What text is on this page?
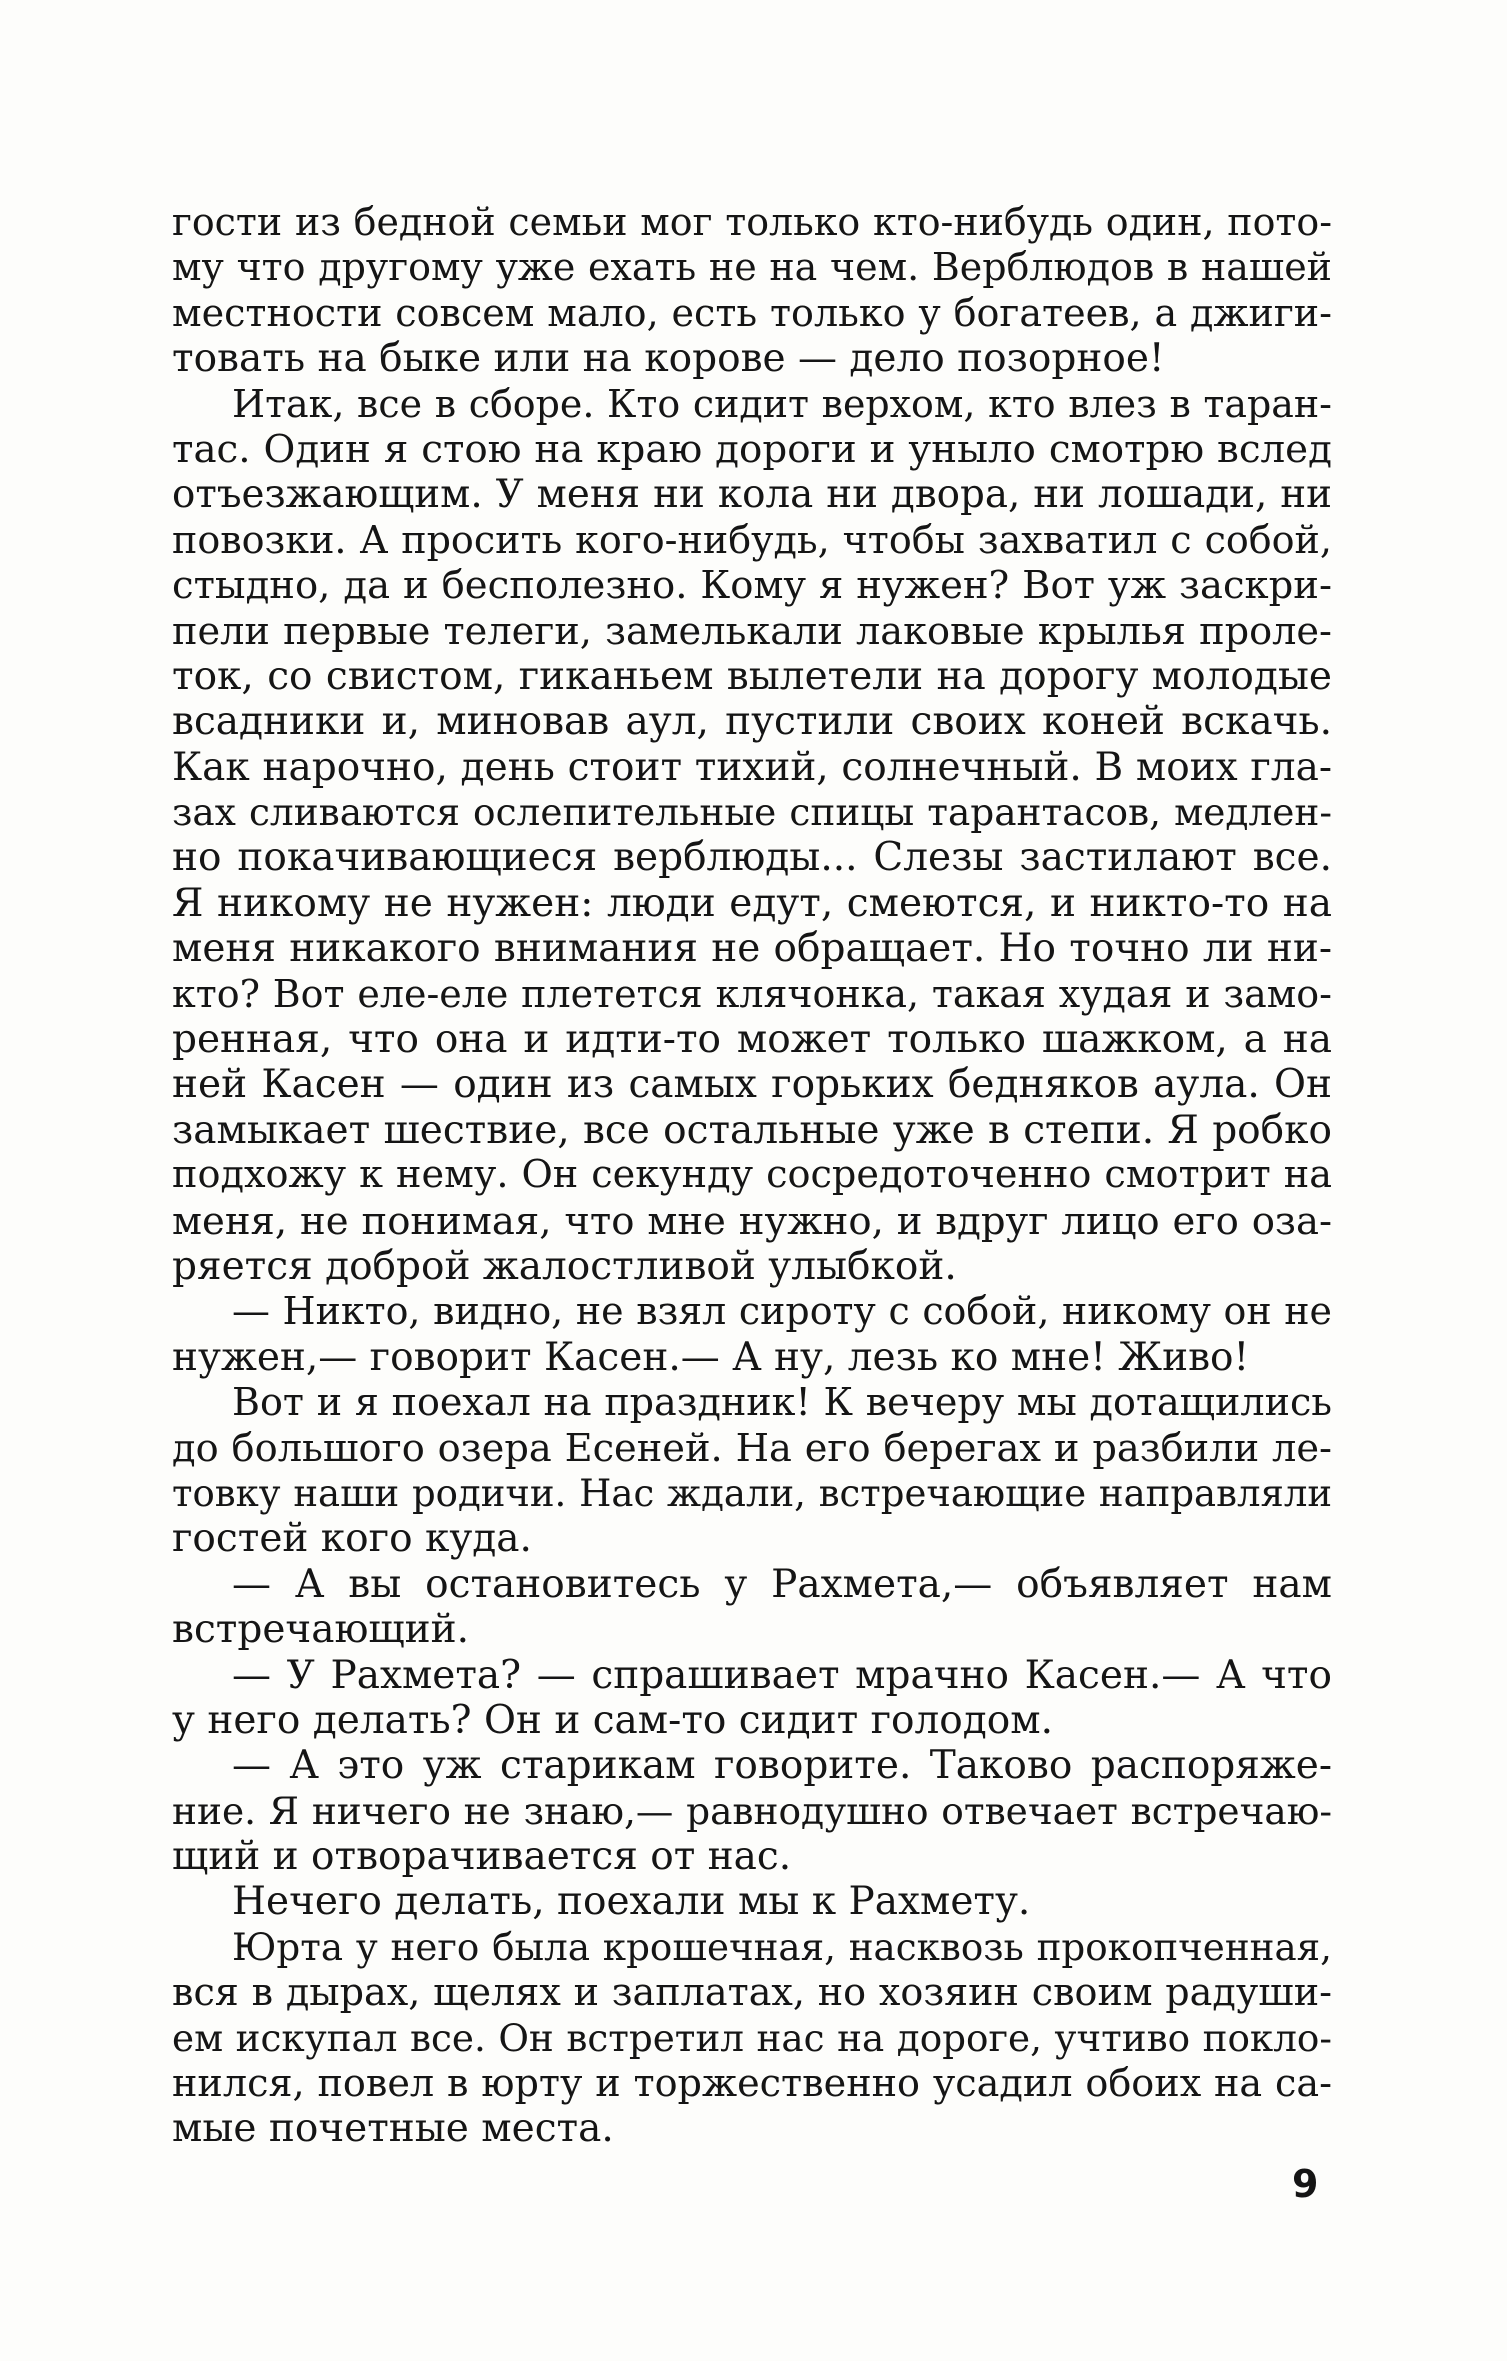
гости из бедной семьи мог только кто-нибудь один, пото-
му что другому уже ехать не на чем. Верблюдов в нашей
местности совсем мало, есть только у богатеев, а джиги-
товать на быке или на корове — дело позорное!
Итак, все в сборе. Кто сидит верхом, кто влез в таран-
тас. Один я стою на краю дороги и уныло смотрю вслед
отъезжающим. У меня ни кола ни двора, ни лошади, ни
повозки. А просить кого-нибудь, чтобы захватил с собой,
стыдно, да и бесполезно. Кому я нужен? Вот уж заскри-
пели первые телеги, замелькали лаковые крылья проле-
ток, со свистом, гиканьем вылетели на дорогу молодые
всадники и, миновав аул, пустили своих коней вскачь.
Как нарочно, день стоит тихий, солнечный. В моих гла-
зах сливаются ослепительные спицы тарантасов, медлен-
но покачивающиеся верблюды... Слезы застилают все.
Я никому не нужен: люди едут, смеются, и никто-то на
меня никакого внимания не обращает. Но точно ли ни-
кто? Вот еле-еле плетется клячонка, такая худая и замо-
ренная, что она и идти-то может только шажком, а на
ней Касен — один из самых горьких бедняков аула. Он
замыкает шествие, все остальные уже в степи. Я робко
подхожу к нему. Он секунду сосредоточенно смотрит на
меня, не понимая, что мне нужно, и вдруг лицо его оза-
ряется доброй жалостливой улыбкой.
— Никто, видно, не взял сироту с собой, никому он не
нужен,— говорит Касен.— А ну, лезь ко мне! Живо!
Вот и я поехал на праздник! К вечеру мы дотащились
до большого озера Есеней. На его берегах и разбили ле-
товку наши родичи. Нас ждали, встречающие направляли
гостей кого куда.
— А вы остановитесь у Рахмета,— объявляет нам
встречающий.
— У Рахмета? — спрашивает мрачно Касен.— А что
у него делать? Он и сам-то сидит голодом.
— А это уж старикам говорите. Таково распоряже-
ние. Я ничего не знаю,— равнодушно отвечает встречаю-
щий и отворачивается от нас.
Нечего делать, поехали мы к Рахмету.
Юрта у него была крошечная, насквозь прокопченная,
вся в дырах, щелях и заплатах, но хозяин своим радуши-
ем искупал все. Он встретил нас на дороге, учтиво покло-
нился, повел в юрту и торжественно усадил обоих на са-
мые почетные места.
9
